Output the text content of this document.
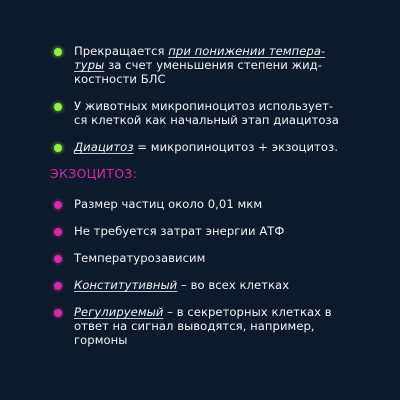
Прекращается при понижении темпера-
туры за счет уменьшения степени жид-
костности БЛС
У животных микропиноцитоз использует-
ся клеткой как начальный этап диацитоза
Диацитоз = микропиноцитоз + экзоцитоз.
ЭКЗОЦИТОЗ:
Размер частиц около 0,01 мкм
Не требуется затрат энергии АТФ
Температурозависим
Конститутивный – во всех клетках
Регулируемый – в секреторных клетках в
ответ на сигнал выводятся, например,
гормоны
